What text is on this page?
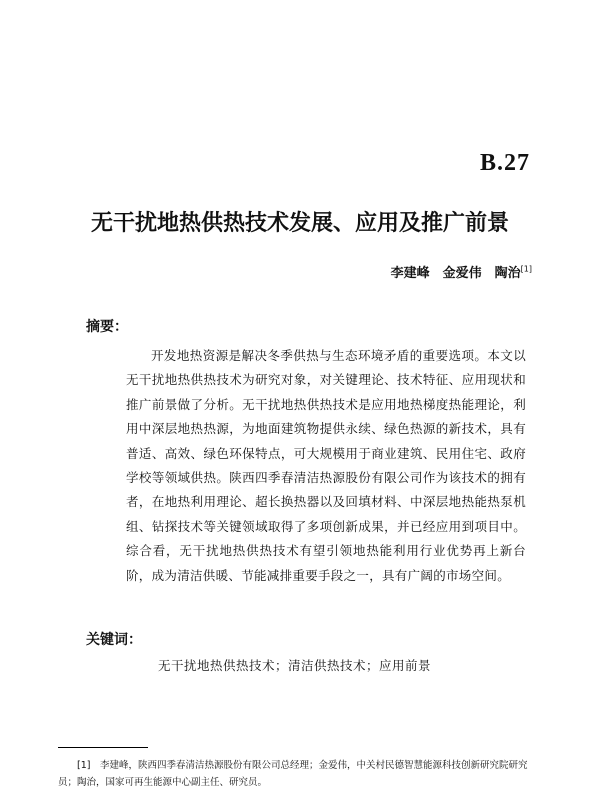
B.27
无干扰地热供热技术发展、应用及推广前景
李建峰　金爱伟　陶治[1]
摘要：
开发地热资源是解决冬季供热与生态环境矛盾的重要选项。本文以无干扰地热供热技术为研究对象，对关键理论、技术特征、应用现状和推广前景做了分析。无干扰地热供热技术是应用地热梯度热能理论，利用中深层地热热源，为地面建筑物提供永续、绿色热源的新技术，具有普适、高效、绿色环保特点，可大规模用于商业建筑、民用住宅、政府学校等领域供热。陕西四季春清洁热源股份有限公司作为该技术的拥有者，在地热利用理论、超长换热器以及回填材料、中深层地热能热泵机组、钻探技术等关键领域取得了多项创新成果，并已经应用到项目中。综合看，无干扰地热供热技术有望引领地热能利用行业优势再上新台阶，成为清洁供暖、节能减排重要手段之一，具有广阔的市场空间。
关键词：
无干扰地热供热技术；清洁供热技术；应用前景
[1]　李建峰，陕西四季春清洁热源股份有限公司总经理；金爱伟，中关村民德智慧能源科技创新研究院研究员；陶治，国家可再生能源中心副主任、研究员。
